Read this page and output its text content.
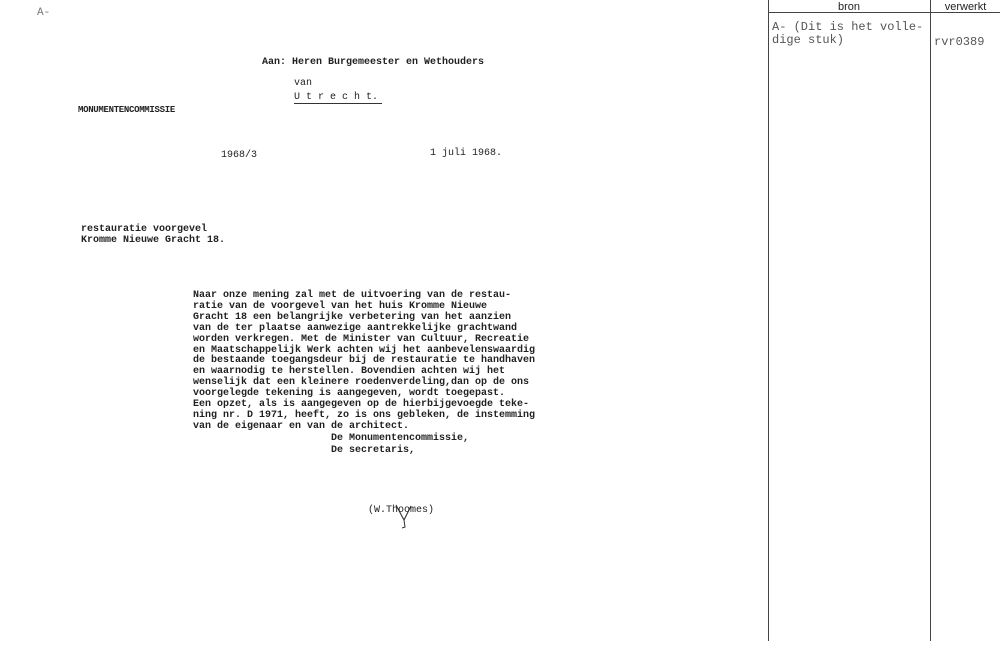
A-	bron	verwerkt
A- (Dit is het volle-
dige stuk)	rvr0389
Aan: Heren Burgemeester en Wethouders
van
U t r e c h t.
MONUMENTENCOMMISSIE
1968/3	1 juli 1968.
restauratie voorgevel
Kromme Nieuwe Gracht 18.
Naar onze mening zal met de uitvoering van de restau-
ratie van de voorgevel van het huis Kromme Nieuwe
Gracht 18 een belangrijke verbetering van het aanzien
van de ter plaatse aanwezige aantrekkelijke grachtwand
worden verkregen. Met de Minister van Cultuur, Recreatie
en Maatschappelijk Werk achten wij het aanbevelenswaardig
de bestaande toegangsdeur bij de restauratie te handhaven
en waarnodig te herstellen. Bovendien achten wij het
wenselijk dat een kleinere roedenverdeling,dan op de ons
voorgelegde tekening is aangegeven, wordt toegepast.
Een opzet, als is aangegeven op de hierbijgevoegde teke-
ning nr. D 1971, heeft, zo is ons gebleken, de instemming
van de eigenaar en van de architect.
De Monumentencommissie,
De secretaris,

(W.Thoomes)
